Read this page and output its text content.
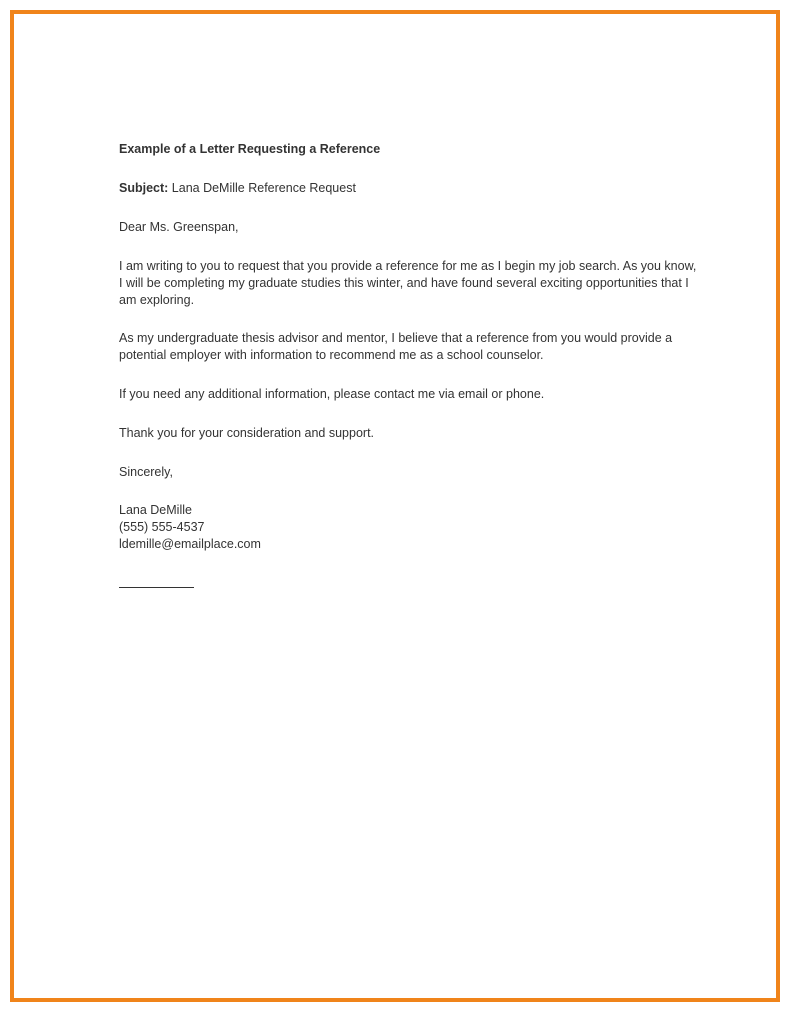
Example of a Letter Requesting a Reference

Subject: Lana DeMille Reference Request

Dear Ms. Greenspan,

I am writing to you to request that you provide a reference for me as I begin my job search. As you know,
I will be completing my graduate studies this winter, and have found several exciting opportunities that I
am exploring.

As my undergraduate thesis advisor and mentor, I believe that a reference from you would provide a
potential employer with information to recommend me as a school counselor.

If you need any additional information, please contact me via email or phone.

Thank you for your consideration and support.

Sincerely,

Lana DeMille
(555) 555-4537
ldemille@emailplace.com
